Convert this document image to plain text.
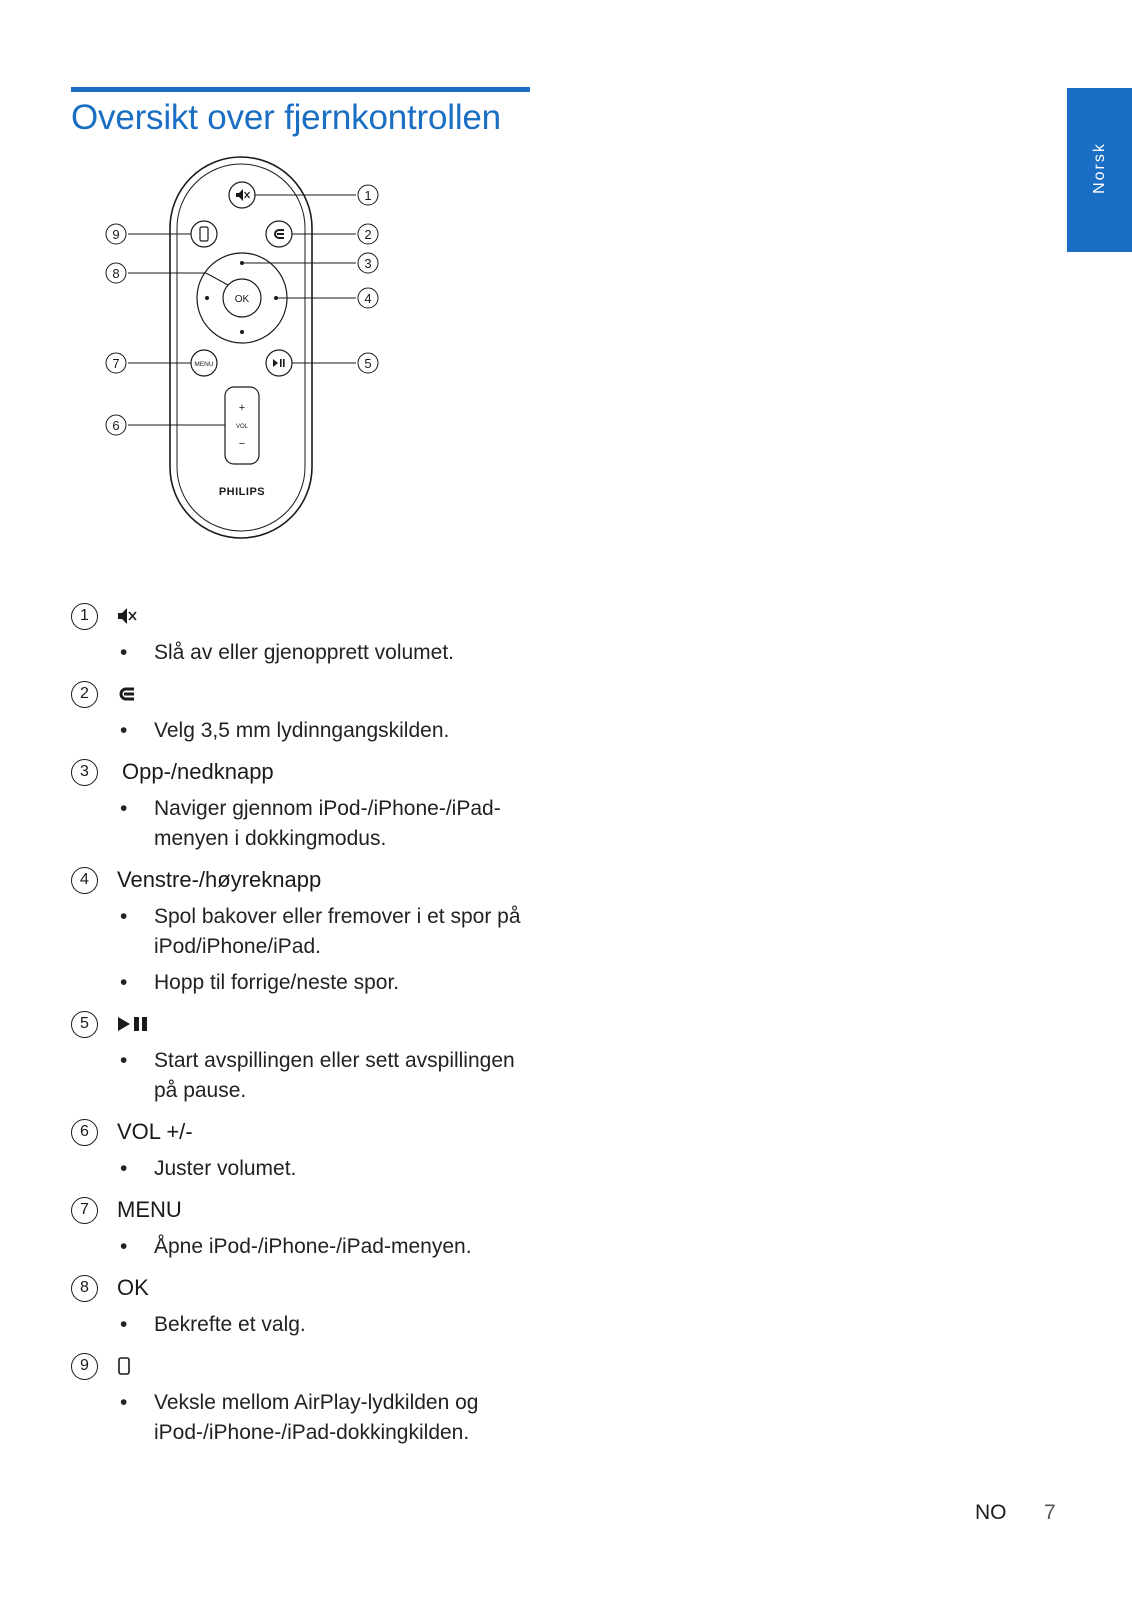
Oversikt over fjernkontrollen
Norsk
OK
MENU
+
VOL
−
PHILIPS
1
2
3
4
5
9
8
7
6
1
• Slå av eller gjenopprett volumet.
2
• Velg 3,5 mm lydinngangskilden.
3	Opp-/nedknapp
• Naviger gjennom iPod-/iPhone-/iPad-menyen i dokkingmodus.
4	Venstre-/høyreknapp
• Spol bakover eller fremover i et spor på iPod/iPhone/iPad.
• Hopp til forrige/neste spor.
5
• Start avspillingen eller sett avspillingen på pause.
6	VOL +/-
• Juster volumet.
7	MENU
• Åpne iPod-/iPhone-/iPad-menyen.
8	OK
• Bekrefte et valg.
9
• Veksle mellom AirPlay-lydkilden og iPod-/iPhone-/iPad-dokkingkilden.
NO 7
